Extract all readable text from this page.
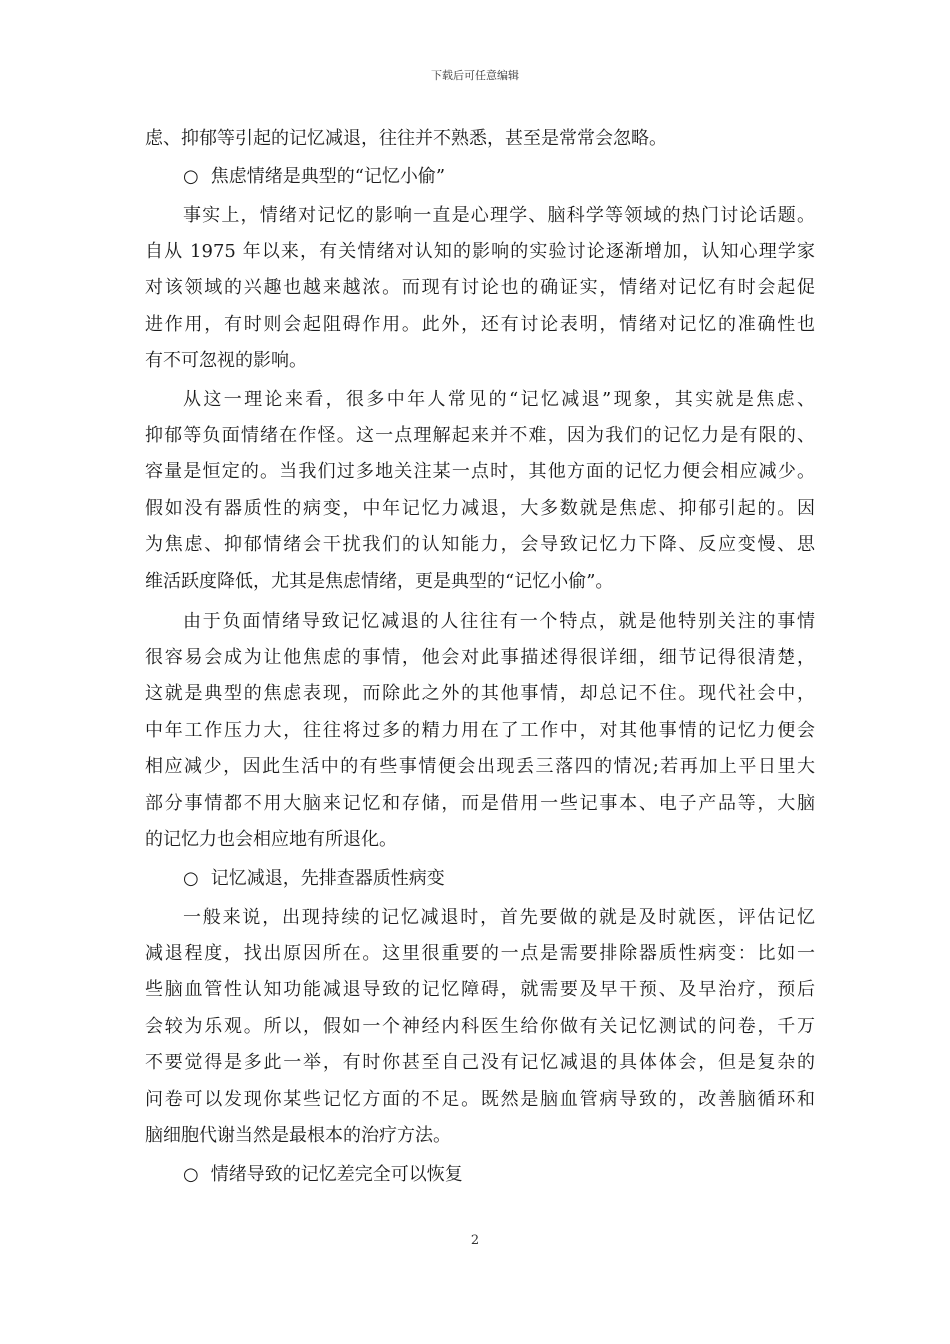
下载后可任意编辑
虑、抑郁等引起的记忆减退，往往并不熟悉，甚至是常常会忽略。
○ 焦虑情绪是典型的“记忆小偷”
事实上，情绪对记忆的影响一直是心理学、脑科学等领域的热门讨论话题。
自从 1975 年以来，有关情绪对认知的影响的实验讨论逐渐增加，认知心理学家
对该领域的兴趣也越来越浓。而现有讨论也的确证实，情绪对记忆有时会起促
进作用，有时则会起阻碍作用。此外，还有讨论表明，情绪对记忆的准确性也
有不可忽视的影响。
从这一理论来看，很多中年人常见的“记忆减退”现象，其实就是焦虑、
抑郁等负面情绪在作怪。这一点理解起来并不难，因为我们的记忆力是有限的、
容量是恒定的。当我们过多地关注某一点时，其他方面的记忆力便会相应减少。
假如没有器质性的病变，中年记忆力减退，大多数就是焦虑、抑郁引起的。因
为焦虑、抑郁情绪会干扰我们的认知能力，会导致记忆力下降、反应变慢、思
维活跃度降低，尤其是焦虑情绪，更是典型的“记忆小偷”。
由于负面情绪导致记忆减退的人往往有一个特点，就是他特别关注的事情
很容易会成为让他焦虑的事情，他会对此事描述得很详细，细节记得很清楚，
这就是典型的焦虑表现，而除此之外的其他事情，却总记不住。现代社会中，
中年工作压力大，往往将过多的精力用在了工作中，对其他事情的记忆力便会
相应减少，因此生活中的有些事情便会出现丢三落四的情况;若再加上平日里大
部分事情都不用大脑来记忆和存储，而是借用一些记事本、电子产品等，大脑
的记忆力也会相应地有所退化。
○ 记忆减退，先排查器质性病变
一般来说，出现持续的记忆减退时，首先要做的就是及时就医，评估记忆
减退程度，找出原因所在。这里很重要的一点是需要排除器质性病变：比如一
些脑血管性认知功能减退导致的记忆障碍，就需要及早干预、及早治疗，预后
会较为乐观。所以，假如一个神经内科医生给你做有关记忆测试的问卷，千万
不要觉得是多此一举，有时你甚至自己没有记忆减退的具体体会，但是复杂的
问卷可以发现你某些记忆方面的不足。既然是脑血管病导致的，改善脑循环和
脑细胞代谢当然是最根本的治疗方法。
○ 情绪导致的记忆差完全可以恢复
2
